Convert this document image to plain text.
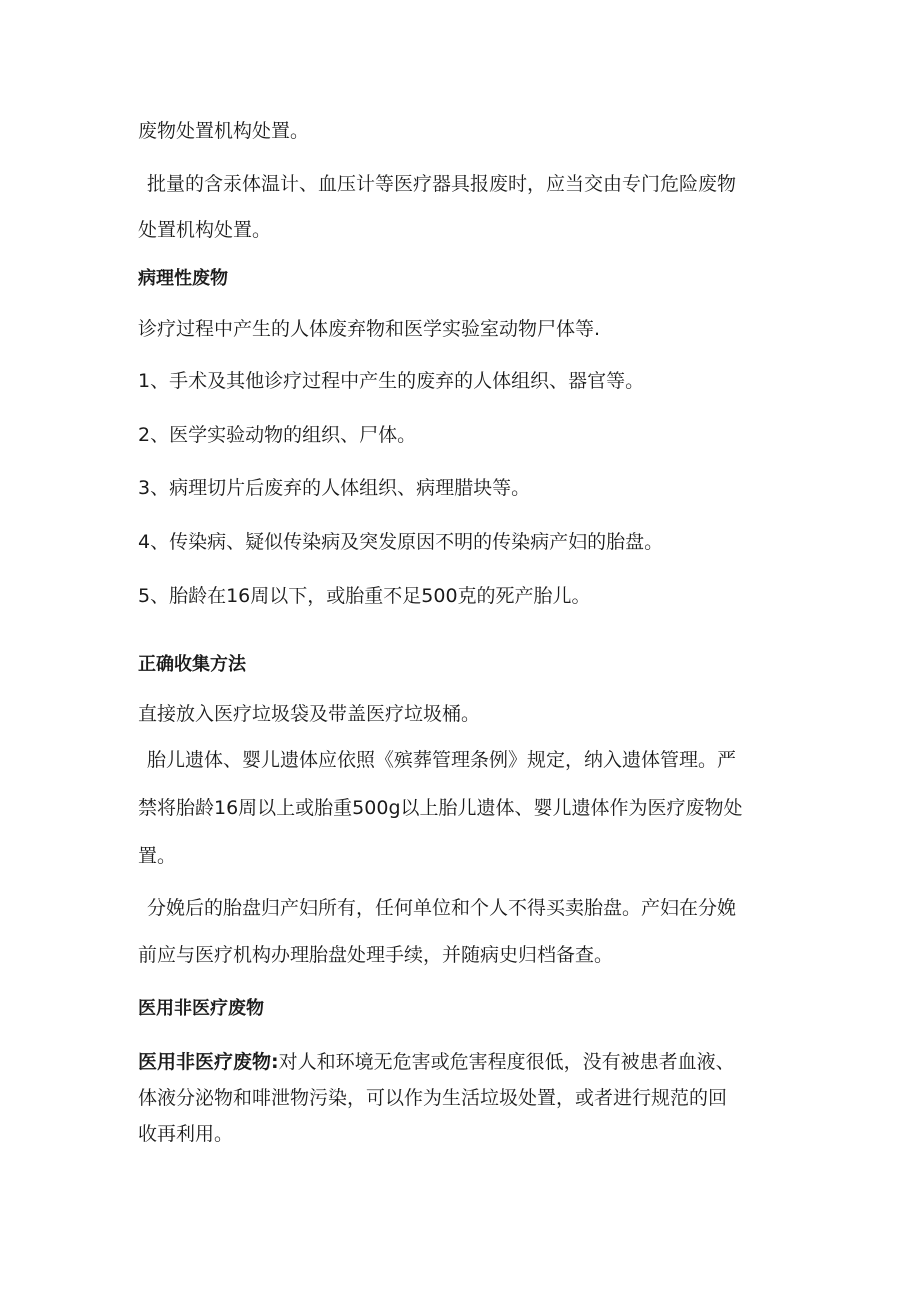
废物处置机构处置。

批量的含汞体温计、血压计等医疗器具报废时，应当交由专门危险废物

处置机构处置。

病理性废物

诊疗过程中产生的人体废弃物和医学实验室动物尸体等.

1、手术及其他诊疗过程中产生的废弃的人体组织、器官等。

2、医学实验动物的组织、尸体。

3、病理切片后废弃的人体组织、病理腊块等。

4、传染病、疑似传染病及突发原因不明的传染病产妇的胎盘。

5、胎龄在16周以下，或胎重不足500克的死产胎儿。

正确收集方法

直接放入医疗垃圾袋及带盖医疗垃圾桶。

胎儿遗体、婴儿遗体应依照《殡葬管理条例》规定，纳入遗体管理。严

禁将胎龄16周以上或胎重500g以上胎儿遗体、婴儿遗体作为医疗废物处

置。

分娩后的胎盘归产妇所有，任何单位和个人不得买卖胎盘。产妇在分娩

前应与医疗机构办理胎盘处理手续，并随病史归档备查。

医用非医疗废物

医用非医疗废物:对人和环境无危害或危害程度很低，没有被患者血液、

体液分泌物和啡泄物污染，可以作为生活垃圾处置，或者进行规范的回

收再利用。
